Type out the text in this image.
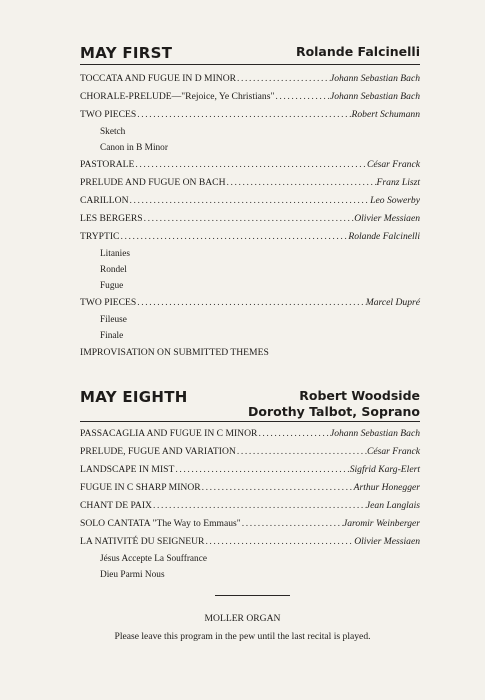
MAY FIRST	Rolande Falcinelli
TOCCATA AND FUGUE IN D MINOR .....	Johann Sebastian Bach
CHORALE-PRELUDE—"Rejoice, Ye Christians" .....	Johann Sebastian Bach
TWO PIECES .....	Robert Schumann
Sketch
Canon in B Minor
PASTORALE .....	César Franck
PRELUDE AND FUGUE ON BACH .....	Franz Liszt
CARILLON .....	Leo Sowerby
LES BERGERS .....	Olivier Messiaen
TRYPTIC .....	Rolande Falcinelli
Litanies
Rondel
Fugue
TWO PIECES .....	Marcel Dupré
Fileuse
Finale
IMPROVISATION ON SUBMITTED THEMES
MAY EIGHTH	Robert Woodside
Dorothy Talbot, Soprano
PASSACAGLIA AND FUGUE IN C MINOR .....	Johann Sebastian Bach
PRELUDE, FUGUE AND VARIATION .....	César Franck
LANDSCAPE IN MIST .....	Sigfrid Karg-Elert
FUGUE IN C SHARP MINOR .....	Arthur Honegger
CHANT DE PAIX .....	Jean Langlais
SOLO CANTATA "The Way to Emmaus" .....	Jaromir Weinberger
LA NATIVITÉ DU SEIGNEUR .....	Olivier Messiaen
Jésus Accepte La Souffrance
Dieu Parmi Nous
MOLLER ORGAN
Please leave this program in the pew until the last recital is played.
